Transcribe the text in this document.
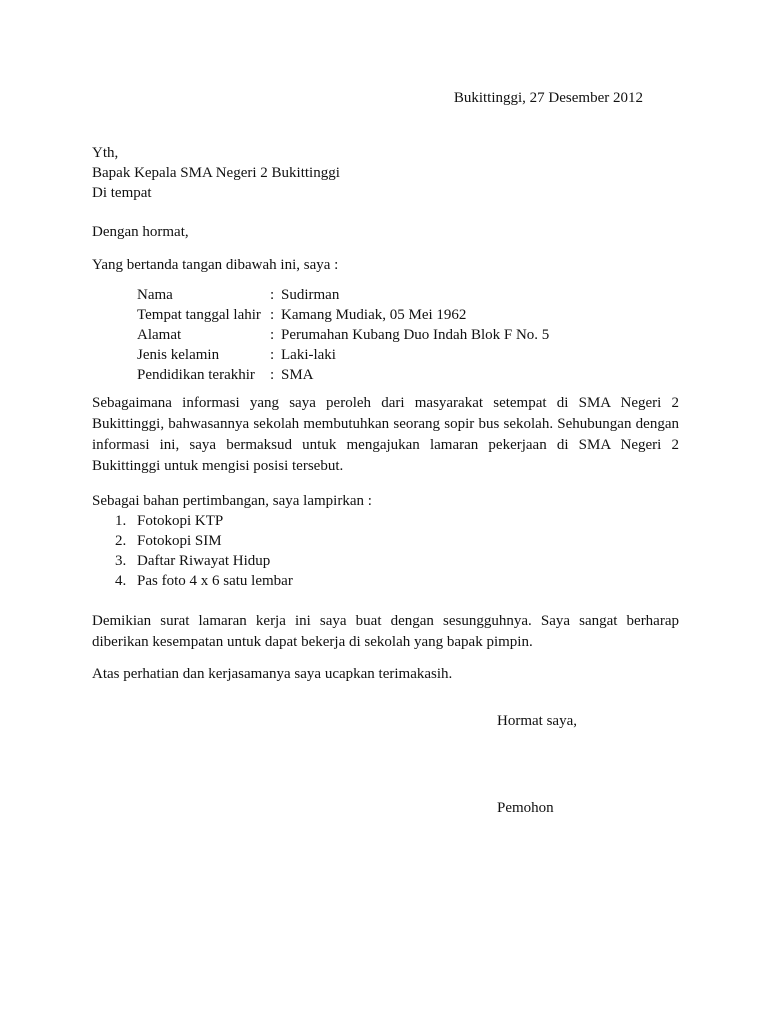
Bukittinggi, 27 Desember 2012
Yth,
Bapak Kepala SMA Negeri 2 Bukittinggi
Di tempat
Dengan hormat,
Yang bertanda tangan dibawah ini, saya :
Nama	: Sudirman
Tempat tanggal lahir : Kamang Mudiak, 05 Mei 1962
Alamat	: Perumahan Kubang Duo Indah Blok F No. 5
Jenis kelamin	: Laki-laki
Pendidikan terakhir	: SMA
Sebagaimana informasi yang saya peroleh dari masyarakat setempat di SMA Negeri 2 Bukittinggi, bahwasannya sekolah membutuhkan seorang sopir bus sekolah. Sehubungan dengan informasi ini, saya bermaksud untuk mengajukan lamaran pekerjaan di SMA Negeri 2 Bukittinggi untuk mengisi posisi tersebut.
Sebagai bahan pertimbangan, saya lampirkan :
1. Fotokopi KTP
2. Fotokopi SIM
3. Daftar Riwayat Hidup
4. Pas foto 4 x 6 satu lembar
Demikian surat lamaran kerja ini saya buat dengan sesungguhnya. Saya sangat berharap diberikan kesempatan untuk dapat bekerja di sekolah yang bapak pimpin.
Atas perhatian dan kerjasamanya saya ucapkan terimakasih.
Hormat saya,
Pemohon
